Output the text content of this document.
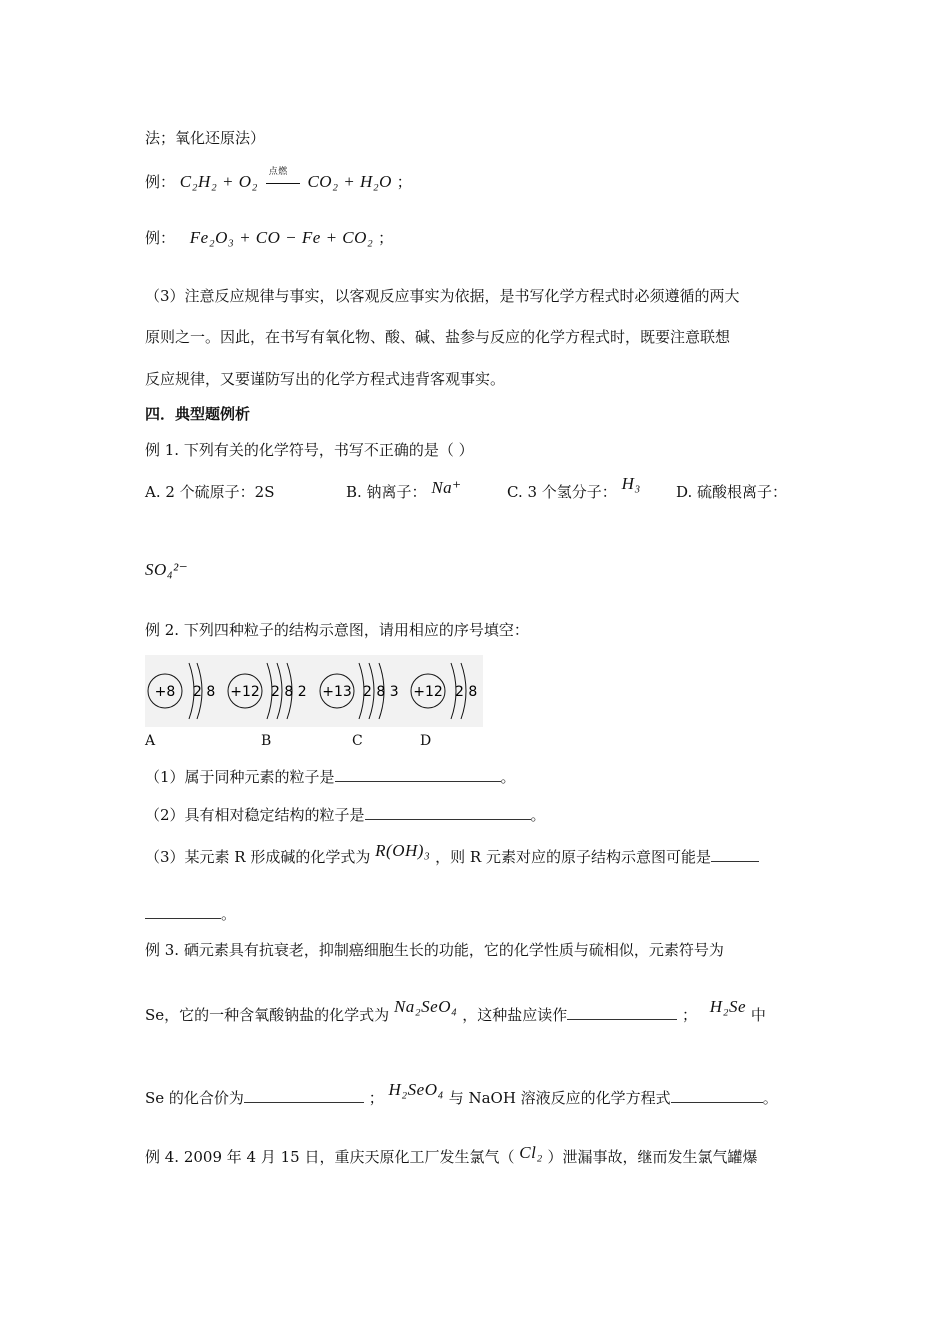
法；氧化还原法）
例： C₂H₂ + O₂
点燃
CO₂ + H₂O ；
例： Fe₂O₃ + CO − Fe + CO₂ ；
（3）注意反应规律与事实，以客观反应事实为依据，是书写化学方程式时必须遵循的两大
原则之一。因此，在书写有氧化物、酸、碱、盐参与反应的化学方程式时，既要注意联想
反应规律，又要谨防写出的化学方程式违背客观事实。
四．典型题例析
例 1. 下列有关的化学符号，书写不正确的是（ ）
A. 2 个硫原子：2S	B. 钠离子： Na⁺	C. 3 个氢分子： H₃ D. 硫酸根离子：
SO₄²⁻
例 2. 下列四种粒子的结构示意图，请用相应的序号填空：
+8 2 8 +12 2 8 2 +13 2 8 3 +12 2 8
A	B	C	D
（1）属于同种元素的粒子是	。
（2）具有相对稳定结构的粒子是	。
（3）某元素 R 形成碱的化学式为 R(OH)₃ ，则 R 元素对应的原子结构示意图可能是
。
例 3. 硒元素具有抗衰老，抑制癌细胞生长的功能，它的化学性质与硫相似，元素符号为
Se，它的一种含氧酸钠盐的化学式为 Na₂SeO₄ ，这种盐应读作	； H₂Se 中
Se 的化合价为	； H₂SeO₄ 与 NaOH 溶液反应的化学方程式	。
例 4. 2009 年 4 月 15 日，重庆天原化工厂发生氯气（ Cl₂ ）泄漏事故，继而发生氯气罐爆
